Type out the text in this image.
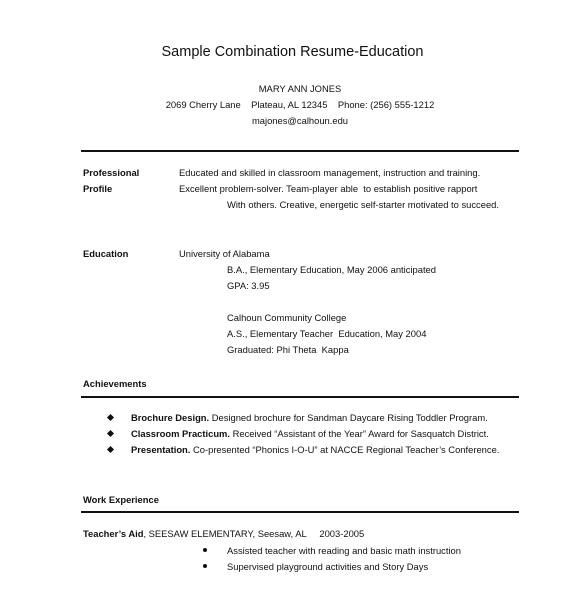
Sample Combination Resume-Education
MARY ANN JONES
2069 Cherry Lane    Plateau, AL 12345    Phone: (256) 555-1212
majones@calhoun.edu
Professional
Profile
Educated and skilled in classroom management, instruction and training.
Excellent problem-solver. Team-player able  to establish positive rapport
With others. Creative, energetic self-starter motivated to succeed.
Education	University of Alabama
B.A., Elementary Education, May 2006 anticipated
GPA: 3.95
Calhoun Community College
A.S., Elementary Teacher  Education, May 2004
Graduated: Phi Theta  Kappa
Achievements
Brochure Design. Designed brochure for Sandman Daycare Rising Toddler Program.
Classroom Practicum. Received “Assistant of the Year” Award for Sasquatch District.
Presentation. Co-presented “Phonics I-O-U” at NACCE Regional Teacher’s Conference.
Work Experience
Teacher’s Aid, SEESAW ELEMENTARY, Seesaw, AL     2003-2005
Assisted teacher with reading and basic math instruction
Supervised playground activities and Story Days
